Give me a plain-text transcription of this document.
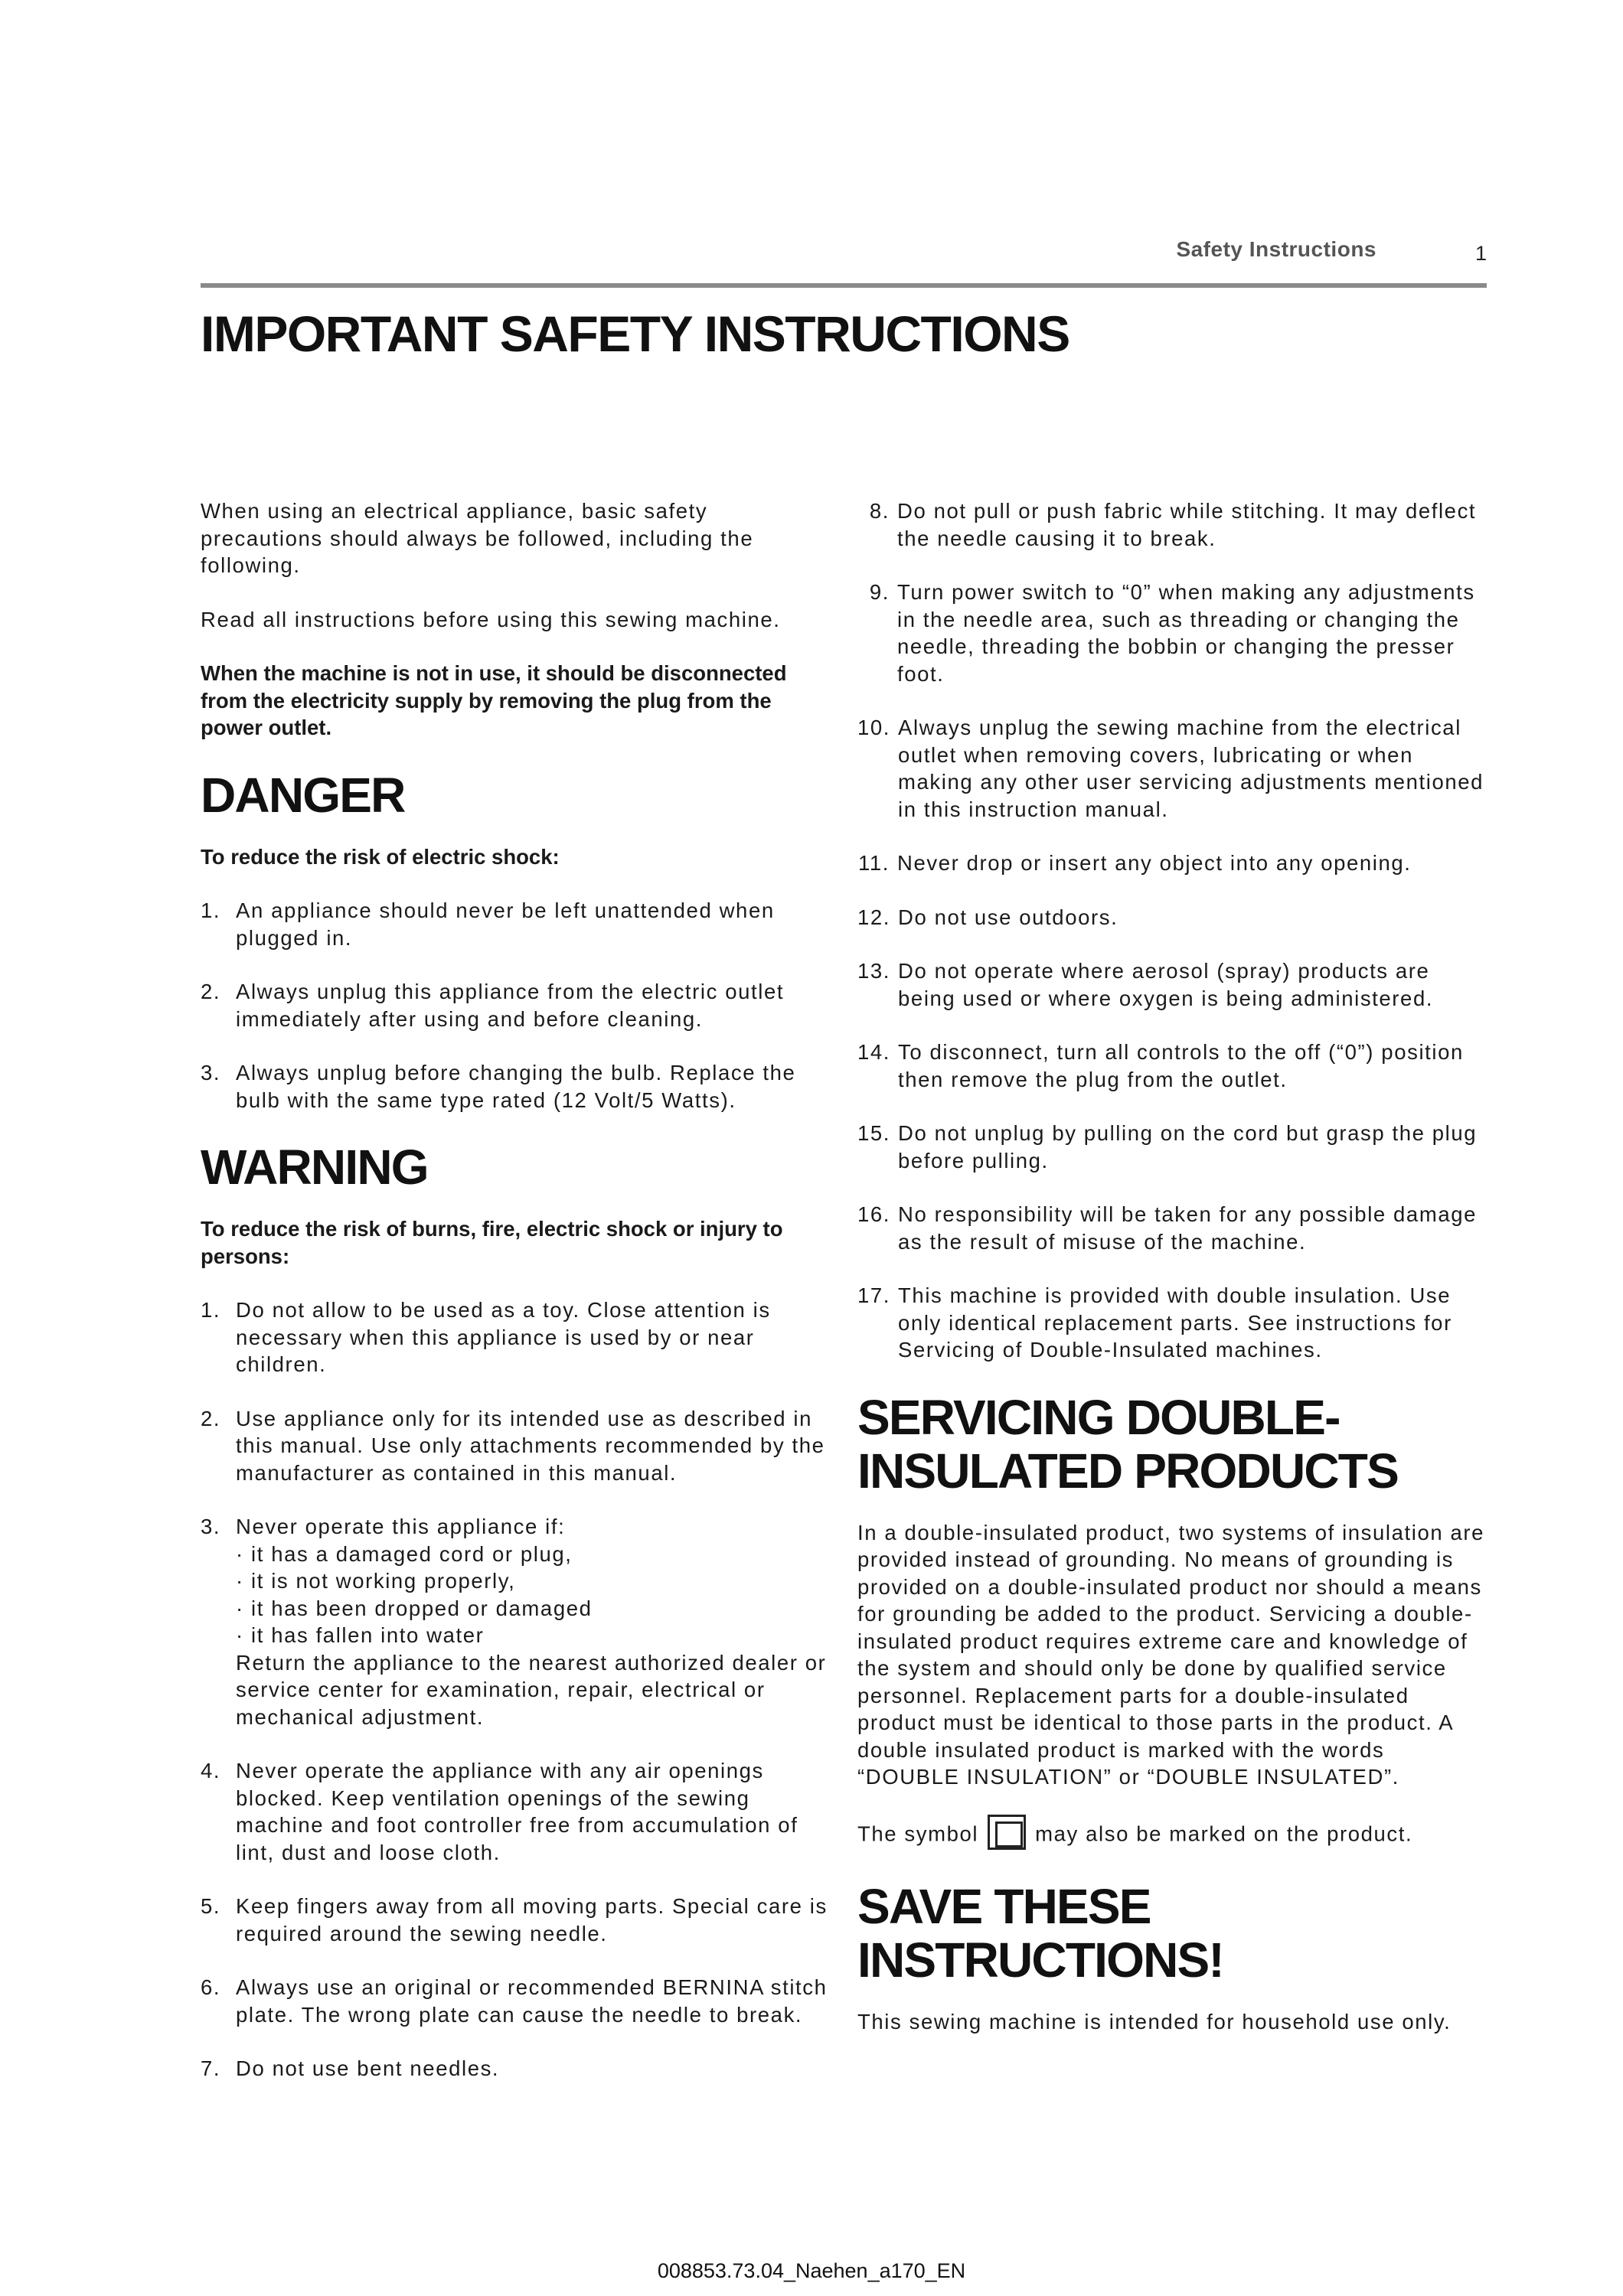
Safety Instructions	1
IMPORTANT SAFETY INSTRUCTIONS

When using an electrical appliance, basic safety precautions should always be followed, including the following.

Read all instructions before using this sewing machine.

When the machine is not in use, it should be disconnected from the electricity supply by removing the plug from the power outlet.

DANGER

To reduce the risk of electric shock:

1. An appliance should never be left unattended when plugged in.
2. Always unplug this appliance from the electric outlet immediately after using and before cleaning.
3. Always unplug before changing the bulb. Replace the bulb with the same type rated (12 Volt/5 Watts).
WARNING

To reduce the risk of burns, fire, electric shock or injury to persons:

1. Do not allow to be used as a toy. Close attention is necessary when this appliance is used by or near children.
2. Use appliance only for its intended use as described in this manual. Use only attachments recommended by the manufacturer as contained in this manual.
3. Never operate this appliance if:
· it has a damaged cord or plug,
· it is not working properly,
· it has been dropped or damaged
· it has fallen into water
Return the appliance to the nearest authorized dealer or service center for examination, repair, electrical or mechanical adjustment.
4. Never operate the appliance with any air openings blocked. Keep ventilation openings of the sewing machine and foot controller free from accumulation of lint, dust and loose cloth.
5. Keep fingers away from all moving parts. Special care is required around the sewing needle.
6. Always use an original or recommended BERNINA stitch plate. The wrong plate can cause the needle to break.
7. Do not use bent needles.
8. Do not pull or push fabric while stitching. It may deflect the needle causing it to break.
9. Turn power switch to “0” when making any adjustments in the needle area, such as threading or changing the needle, threading the bobbin or changing the presser foot.
10. Always unplug the sewing machine from the electrical outlet when removing covers, lubricating or when making any other user servicing adjustments mentioned in this instruction manual.
11. Never drop or insert any object into any opening.
12. Do not use outdoors.
13. Do not operate where aerosol (spray) products are being used or where oxygen is being administered.
14. To disconnect, turn all controls to the off (“0”) position then remove the plug from the outlet.
15. Do not unplug by pulling on the cord but grasp the plug before pulling.
16. No responsibility will be taken for any possible damage as the result of misuse of the machine.
17. This machine is provided with double insulation. Use only identical replacement parts. See instructions for Servicing of Double-Insulated machines.
SERVICING DOUBLE-
INSULATED PRODUCTS

In a double-insulated product, two systems of insulation are provided instead of grounding. No means of grounding is provided on a double-insulated product nor should a means for grounding be added to the product. Servicing a double-insulated product requires extreme care and knowledge of the system and should only be done by qualified service personnel. Replacement parts for a double-insulated product must be identical to those parts in the product. A double insulated product is marked with the words “DOUBLE INSULATION” or “DOUBLE INSULATED”.

The symbol	may also be marked on the product.

SAVE THESE
INSTRUCTIONS!

This sewing machine is intended for household use only.

008853.73.04_Naehen_a170_EN
